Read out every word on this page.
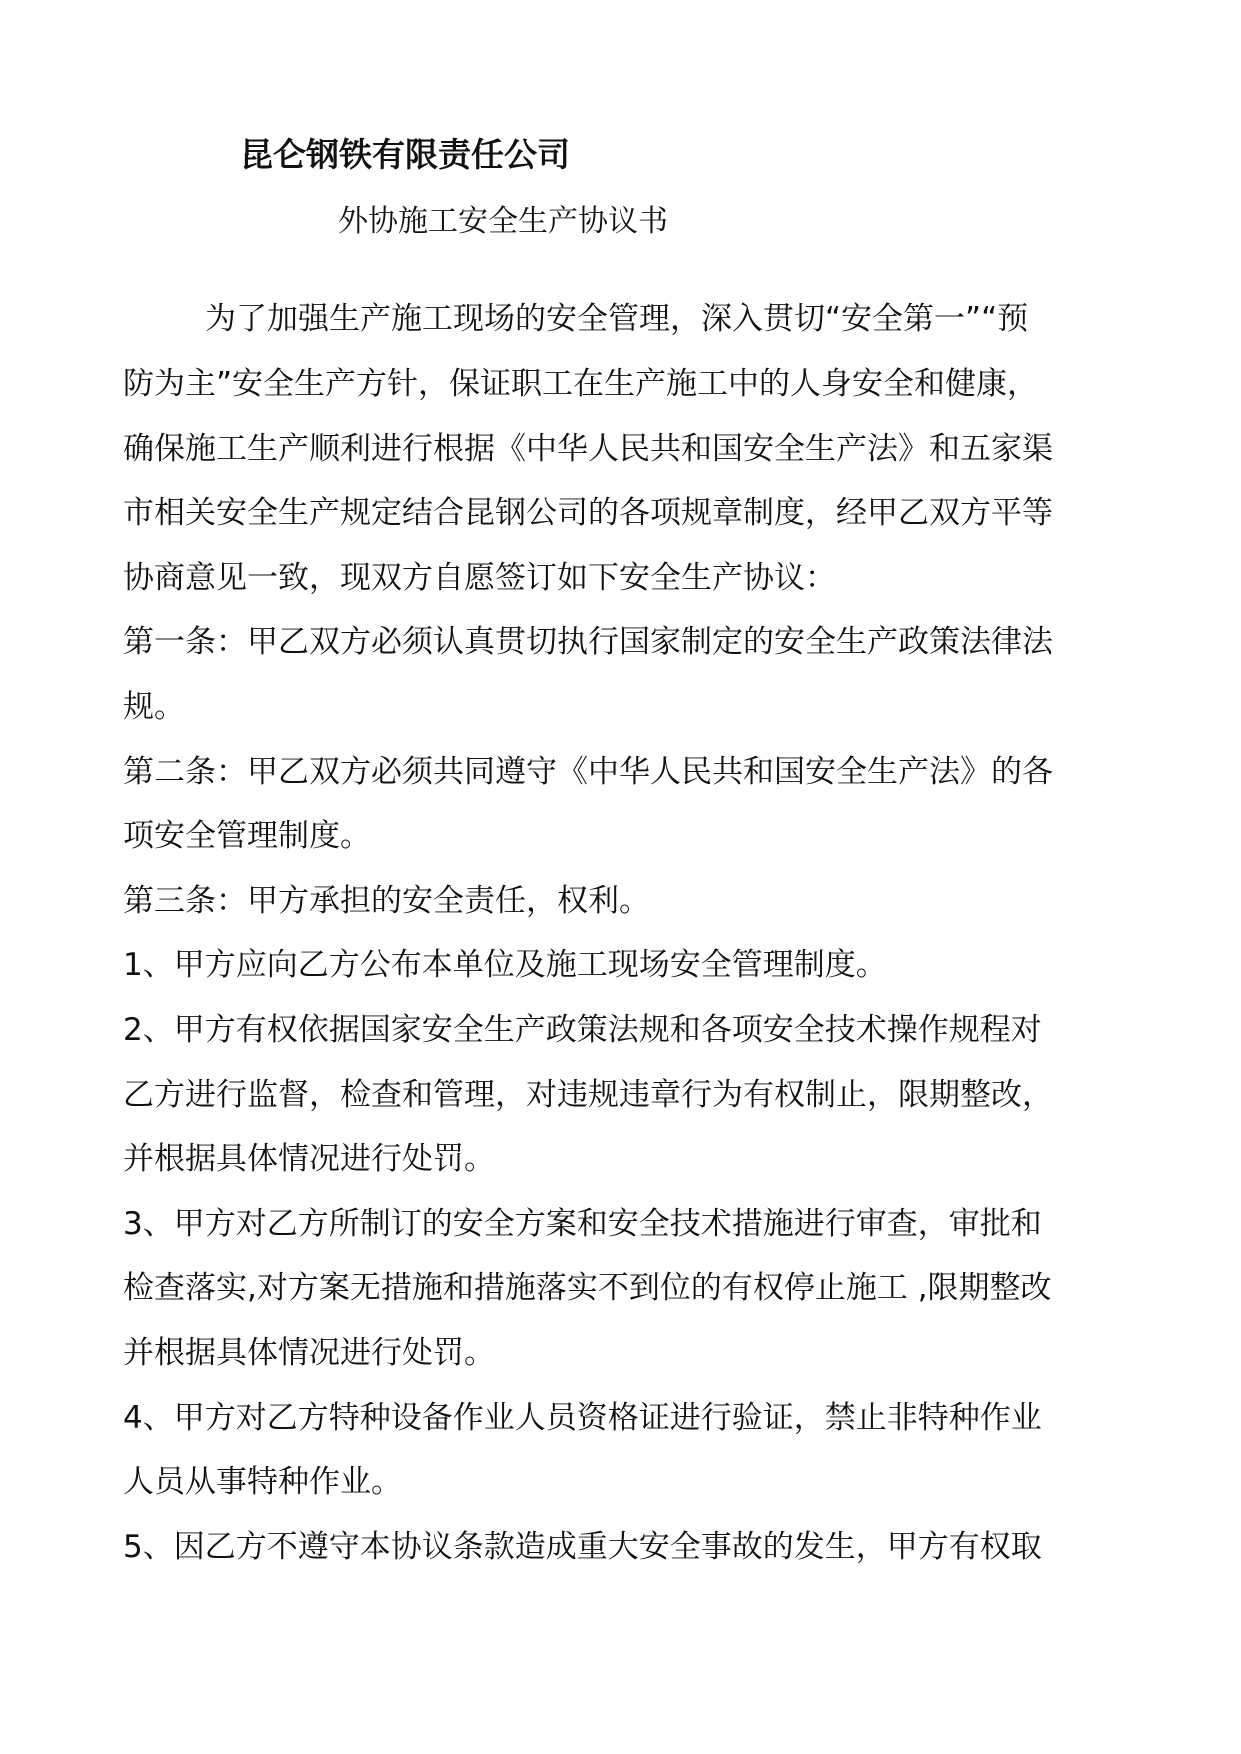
昆仑钢铁有限责任公司
外协施工安全生产协议书
为了加强生产施工现场的安全管理，深入贯切“安全第一”“预
防为主”安全生产方针，保证职工在生产施工中的人身安全和健康，
确保施工生产顺利进行根据《中华人民共和国安全生产法》和五家渠
市相关安全生产规定结合昆钢公司的各项规章制度，经甲乙双方平等
协商意见一致，现双方自愿签订如下安全生产协议：
第一条：甲乙双方必须认真贯切执行国家制定的安全生产政策法律法
规。
第二条：甲乙双方必须共同遵守《中华人民共和国安全生产法》的各
项安全管理制度。
第三条：甲方承担的安全责任，权利。
1、甲方应向乙方公布本单位及施工现场安全管理制度。
2、甲方有权依据国家安全生产政策法规和各项安全技术操作规程对
乙方进行监督，检查和管理，对违规违章行为有权制止，限期整改，
并根据具体情况进行处罚。
3、甲方对乙方所制订的安全方案和安全技术措施进行审查，审批和
检查落实,对方案无措施和措施落实不到位的有权停止施工 ,限期整改
并根据具体情况进行处罚。
4、甲方对乙方特种设备作业人员资格证进行验证，禁止非特种作业
人员从事特种作业。
5、因乙方不遵守本协议条款造成重大安全事故的发生，甲方有权取
